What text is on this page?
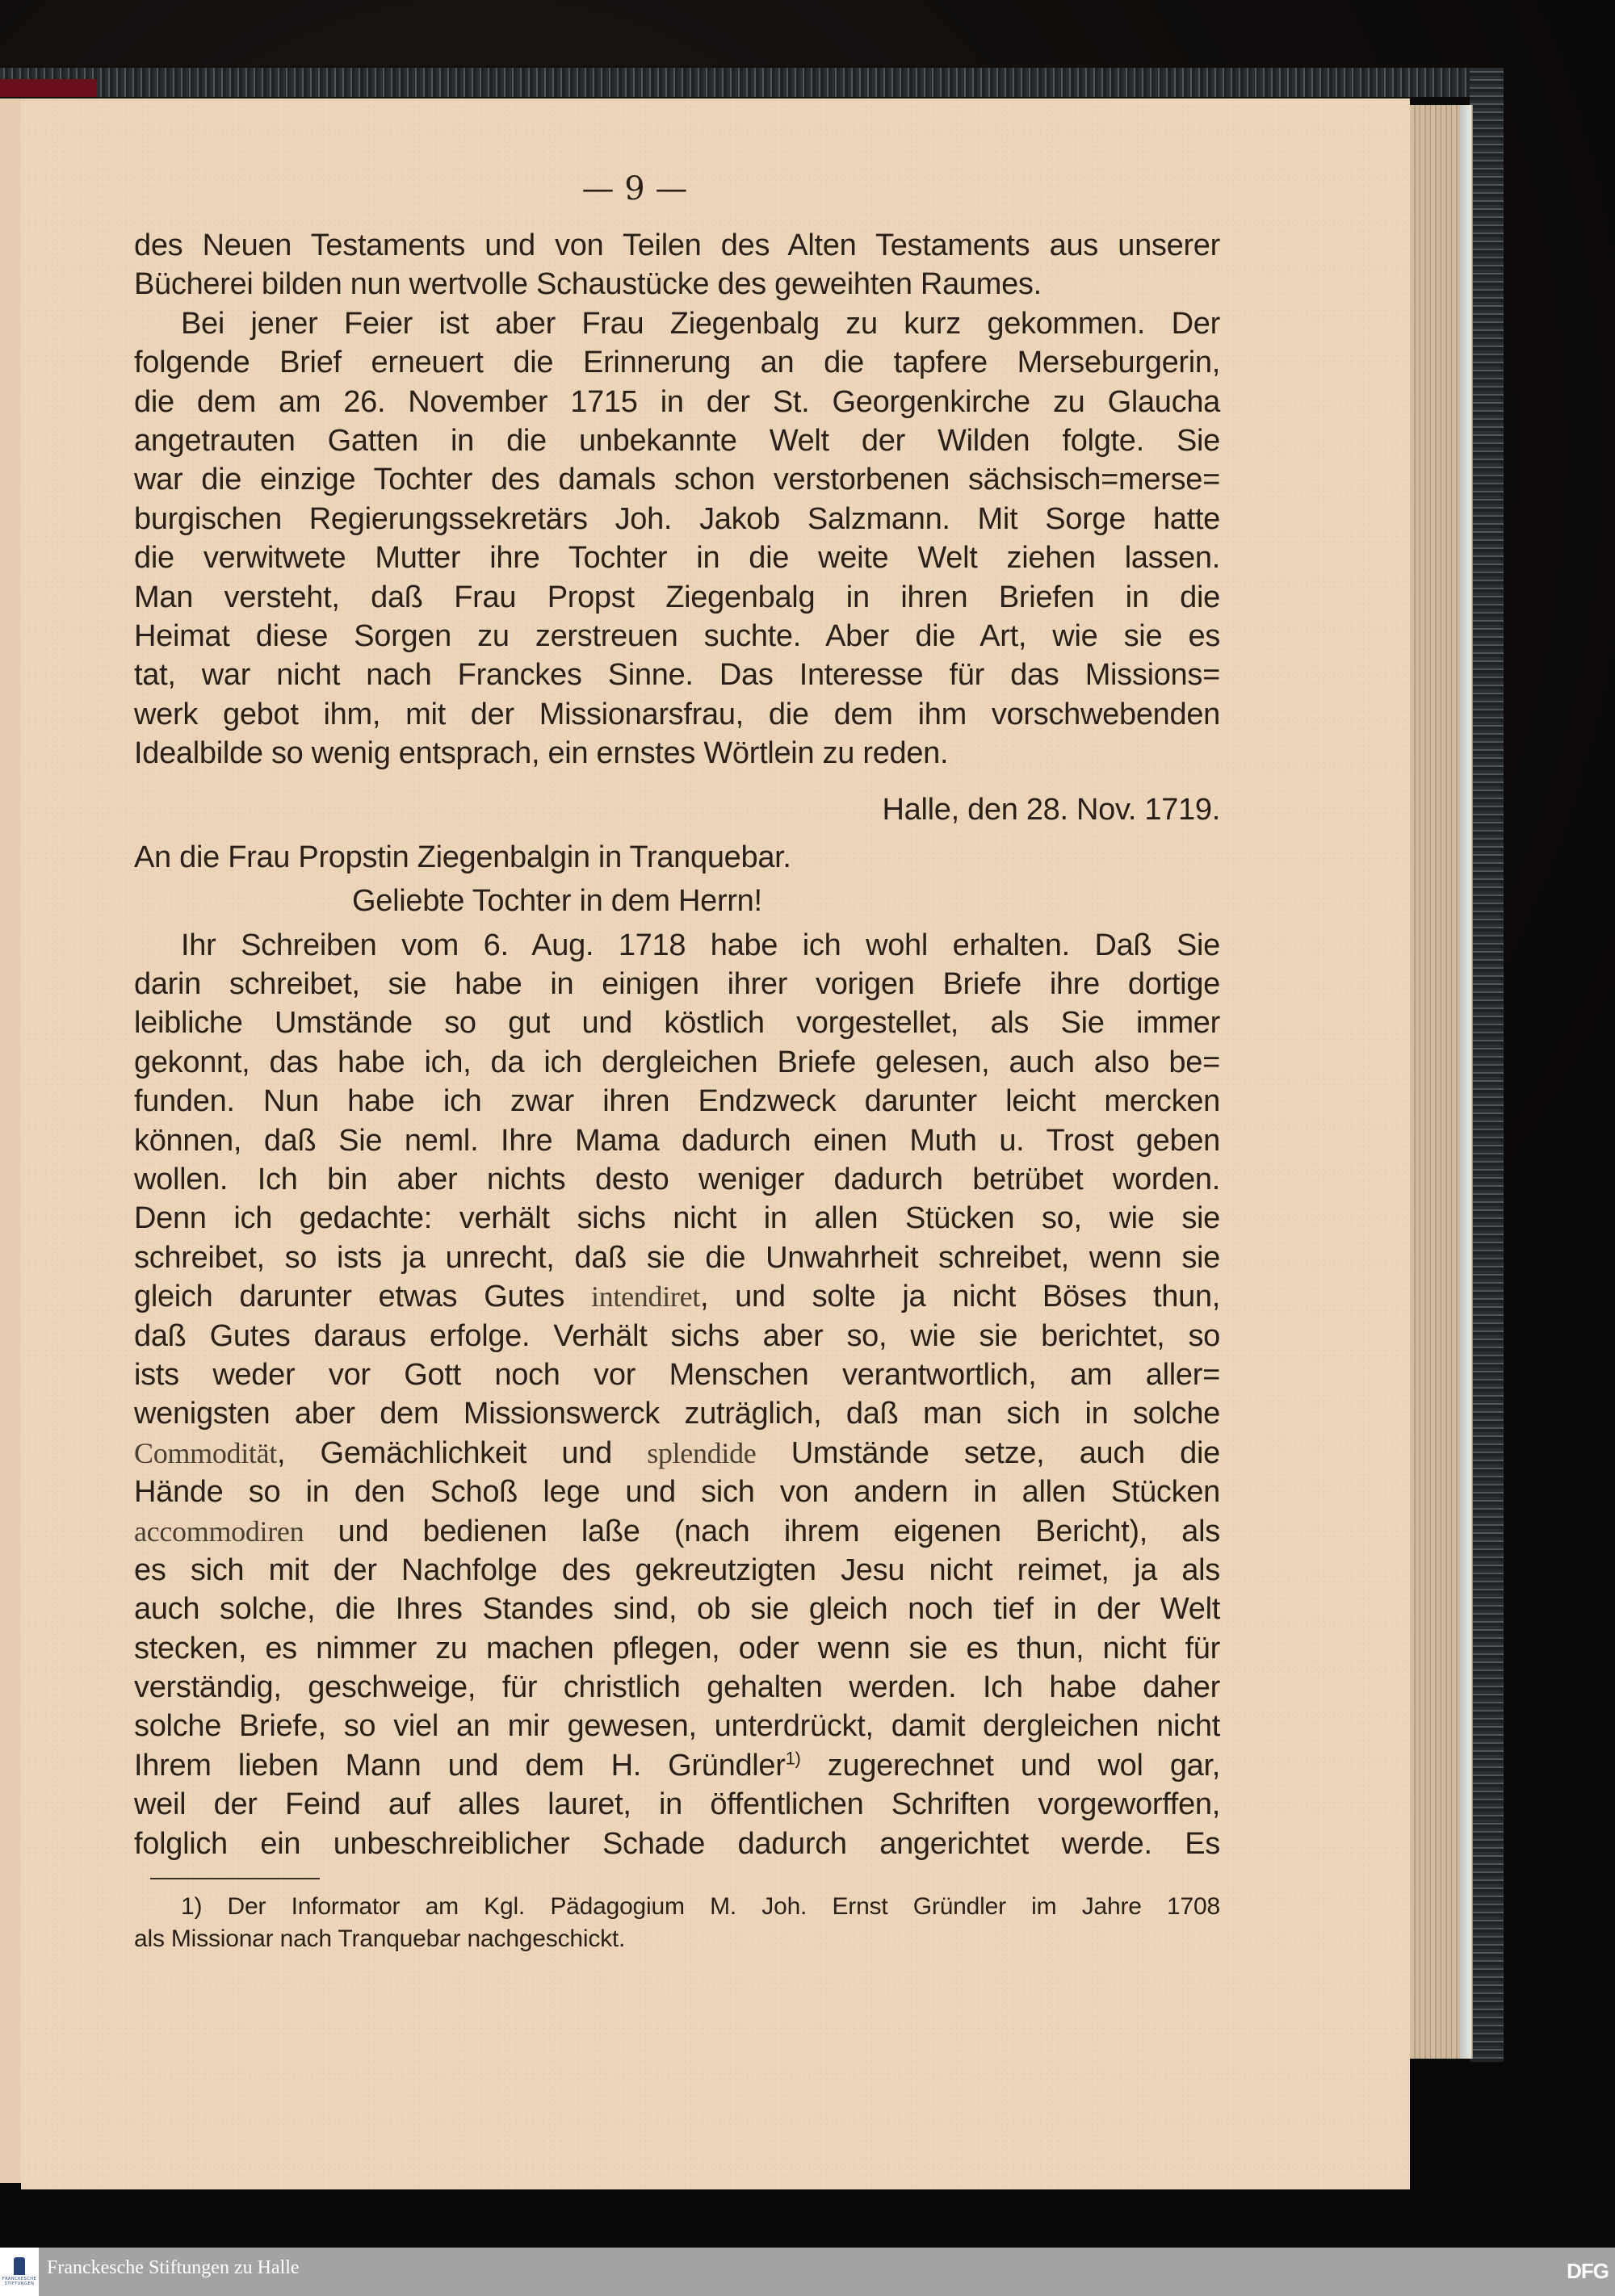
— 9 —
des Neuen Testaments und von Teilen des Alten Testaments aus unserer
Bücherei bilden nun wertvolle Schaustücke des geweihten Raumes.
Bei jener Feier ist aber Frau Ziegenbalg zu kurz gekommen. Der
folgende Brief erneuert die Erinnerung an die tapfere Merseburgerin,
die dem am 26. November 1715 in der St. Georgenkirche zu Glaucha
angetrauten Gatten in die unbekannte Welt der Wilden folgte. Sie
war die einzige Tochter des damals schon verstorbenen sächsisch=merse=
burgischen Regierungssekretärs Joh. Jakob Salzmann. Mit Sorge hatte
die verwitwete Mutter ihre Tochter in die weite Welt ziehen lassen.
Man versteht, daß Frau Propst Ziegenbalg in ihren Briefen in die
Heimat diese Sorgen zu zerstreuen suchte. Aber die Art, wie sie es
tat, war nicht nach Franckes Sinne. Das Interesse für das Missions=
werk gebot ihm, mit der Missionarsfrau, die dem ihm vorschwebenden
Idealbilde so wenig entsprach, ein ernstes Wörtlein zu reden.
Halle, den 28. Nov. 1719.
An die Frau Propstin Ziegenbalgin in Tranquebar.
Geliebte Tochter in dem Herrn!
Ihr Schreiben vom 6. Aug. 1718 habe ich wohl erhalten. Daß Sie
darin schreibet, sie habe in einigen ihrer vorigen Briefe ihre dortige
leibliche Umstände so gut und köstlich vorgestellet, als Sie immer
gekonnt, das habe ich, da ich dergleichen Briefe gelesen, auch also be=
funden. Nun habe ich zwar ihren Endzweck darunter leicht mercken
können, daß Sie neml. Ihre Mama dadurch einen Muth u. Trost geben
wollen. Ich bin aber nichts desto weniger dadurch betrübet worden.
Denn ich gedachte: verhält sichs nicht in allen Stücken so, wie sie
schreibet, so ists ja unrecht, daß sie die Unwahrheit schreibet, wenn sie
gleich darunter etwas Gutes intendiret, und solte ja nicht Böses thun,
daß Gutes daraus erfolge. Verhält sichs aber so, wie sie berichtet, so
ists weder vor Gott noch vor Menschen verantwortlich, am aller=
wenigsten aber dem Missionswerck zuträglich, daß man sich in solche
Commodität, Gemächlichkeit und splendide Umstände setze, auch die
Hände so in den Schoß lege und sich von andern in allen Stücken
accommodiren und bedienen laße (nach ihrem eigenen Bericht), als
es sich mit der Nachfolge des gekreutzigten Jesu nicht reimet, ja als
auch solche, die Ihres Standes sind, ob sie gleich noch tief in der Welt
stecken, es nimmer zu machen pflegen, oder wenn sie es thun, nicht für
verständig, geschweige, für christlich gehalten werden. Ich habe daher
solche Briefe, so viel an mir gewesen, unterdrückt, damit dergleichen nicht
Ihrem lieben Mann und dem H. Gründler$^{1)}$ zugerechnet und wol gar,
weil der Feind auf alles lauret, in öffentlichen Schriften vorgeworffen,
folglich ein unbeschreiblicher Schade dadurch angerichtet werde. Es
1) Der Informator am Kgl. Pädagogium M. Joh. Ernst Gründler im Jahre 1708
als Missionar nach Tranquebar nachgeschickt.
FRANCKESCHE STIFTUNGEN
Franckesche Stiftungen zu Halle	DFG
